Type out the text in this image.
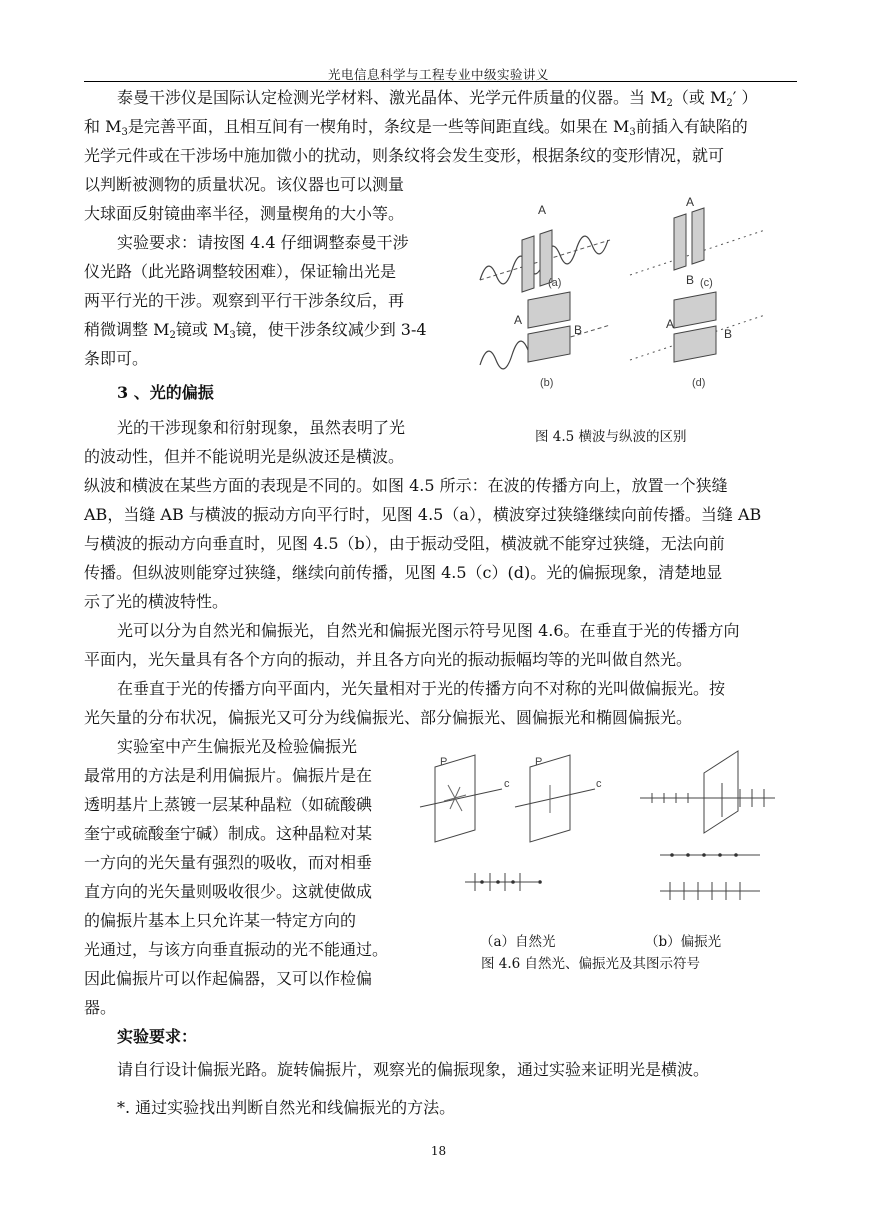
光电信息科学与工程专业中级实验讲义
泰曼干涉仪是国际认定检测光学材料、激光晶体、光学元件质量的仪器。当 $M_2$（或 $M_2'$ ）
和 $M_3$是完善平面，且相互间有一楔角时，条纹是一些等间距直线。如果在 $M_3$前插入有缺陷的
光学元件或在干涉场中施加微小的扰动，则条纹将会发生变形，根据条纹的变形情况，就可
以判断被测物的质量状况。该仪器也可以测量
大球面反射镜曲率半径，测量楔角的大小等。
实验要求：请按图 4.4 仔细调整泰曼干涉
仪光路（此光路调整较困难），保证输出光是
两平行光的干涉。观察到平行干涉条纹后，再
稍微调整 $M_2$镜或 $M_3$镜，使干涉条纹减少到 3-4
条即可。
3 、光的偏振
光的干涉现象和衍射现象，虽然表明了光
的波动性，但并不能说明光是纵波还是横波。
纵波和横波在某些方面的表现是不同的。如图 4.5 所示：在波的传播方向上，放置一个狭缝
AB，当缝 AB 与横波的振动方向平行时，见图 4.5（a），横波穿过狭缝继续向前传播。当缝 AB
与横波的振动方向垂直时，见图 4.5（b），由于振动受阻，横波就不能穿过狭缝，无法向前
传播。但纵波则能穿过狭缝，继续向前传播，见图 4.5（c）(d)。光的偏振现象，清楚地显
示了光的横波特性。
光可以分为自然光和偏振光，自然光和偏振光图示符号见图 4.6。在垂直于光的传播方向
平面内，光矢量具有各个方向的振动，并且各方向光的振动振幅均等的光叫做自然光。
在垂直于光的传播方向平面内，光矢量相对于光的传播方向不对称的光叫做偏振光。按
光矢量的分布状况，偏振光又可分为线偏振光、部分偏振光、圆偏振光和椭圆偏振光。
实验室中产生偏振光及检验偏振光
最常用的方法是利用偏振片。偏振片是在
透明基片上蒸镀一层某种晶粒（如硫酸碘
奎宁或硫酸奎宁碱）制成。这种晶粒对某
一方向的光矢量有强烈的吸收，而对相垂
直方向的光矢量则吸收很少。这就使做成
的偏振片基本上只允许某一特定方向的
光通过，与该方向垂直振动的光不能通过。
因此偏振片可以作起偏器，又可以作检偏
器。
实验要求：
请自行设计偏振光路。旋转偏振片，观察光的偏振现象，通过实验来证明光是横波。
*. 通过实验找出判断自然光和线偏振光的方法。
A
(a)
A
B (c)
A
B
(b)
A
B
(d)
图 4.5 横波与纵波的区别
P
c
P
c
（a）自然光	（b）偏振光
图 4.6 自然光、偏振光及其图示符号
18
